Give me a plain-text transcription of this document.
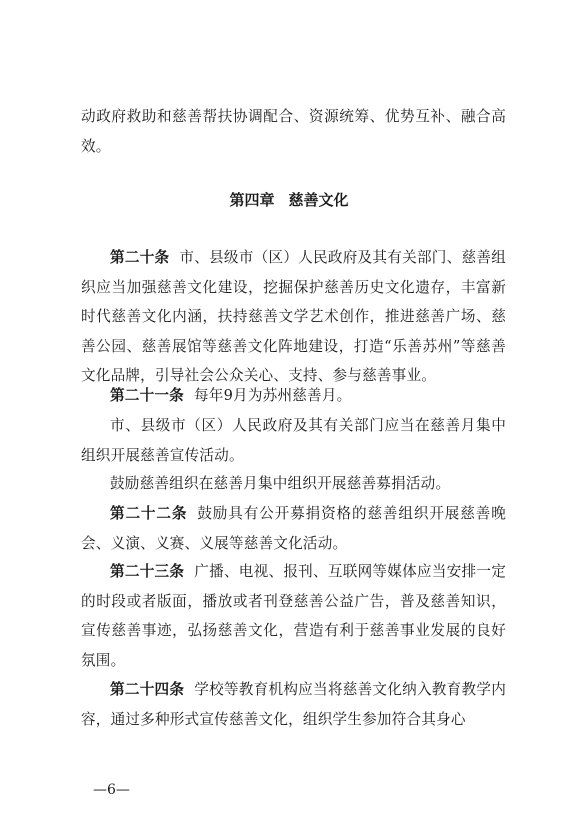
动政府救助和慈善帮扶协调配合、资源统筹、优势互补、融合高效。

第四章 慈善文化

第二十条 市、县级市（区）人民政府及其有关部门、慈善组织应当加强慈善文化建设，挖掘保护慈善历史文化遗存，丰富新时代慈善文化内涵，扶持慈善文学艺术创作，推进慈善广场、慈善公园、慈善展馆等慈善文化阵地建设，打造“乐善苏州”等慈善文化品牌，引导社会公众关心、支持、参与慈善事业。

第二十一条 每年9月为苏州慈善月。

市、县级市（区）人民政府及其有关部门应当在慈善月集中组织开展慈善宣传活动。

鼓励慈善组织在慈善月集中组织开展慈善募捐活动。

第二十二条 鼓励具有公开募捐资格的慈善组织开展慈善晚会、义演、义赛、义展等慈善文化活动。

第二十三条 广播、电视、报刊、互联网等媒体应当安排一定的时段或者版面，播放或者刊登慈善公益广告，普及慈善知识，宣传慈善事迹，弘扬慈善文化，营造有利于慈善事业发展的良好氛围。

第二十四条 学校等教育机构应当将慈善文化纳入教育教学内容，通过多种形式宣传慈善文化，组织学生参加符合其身心

—6—
